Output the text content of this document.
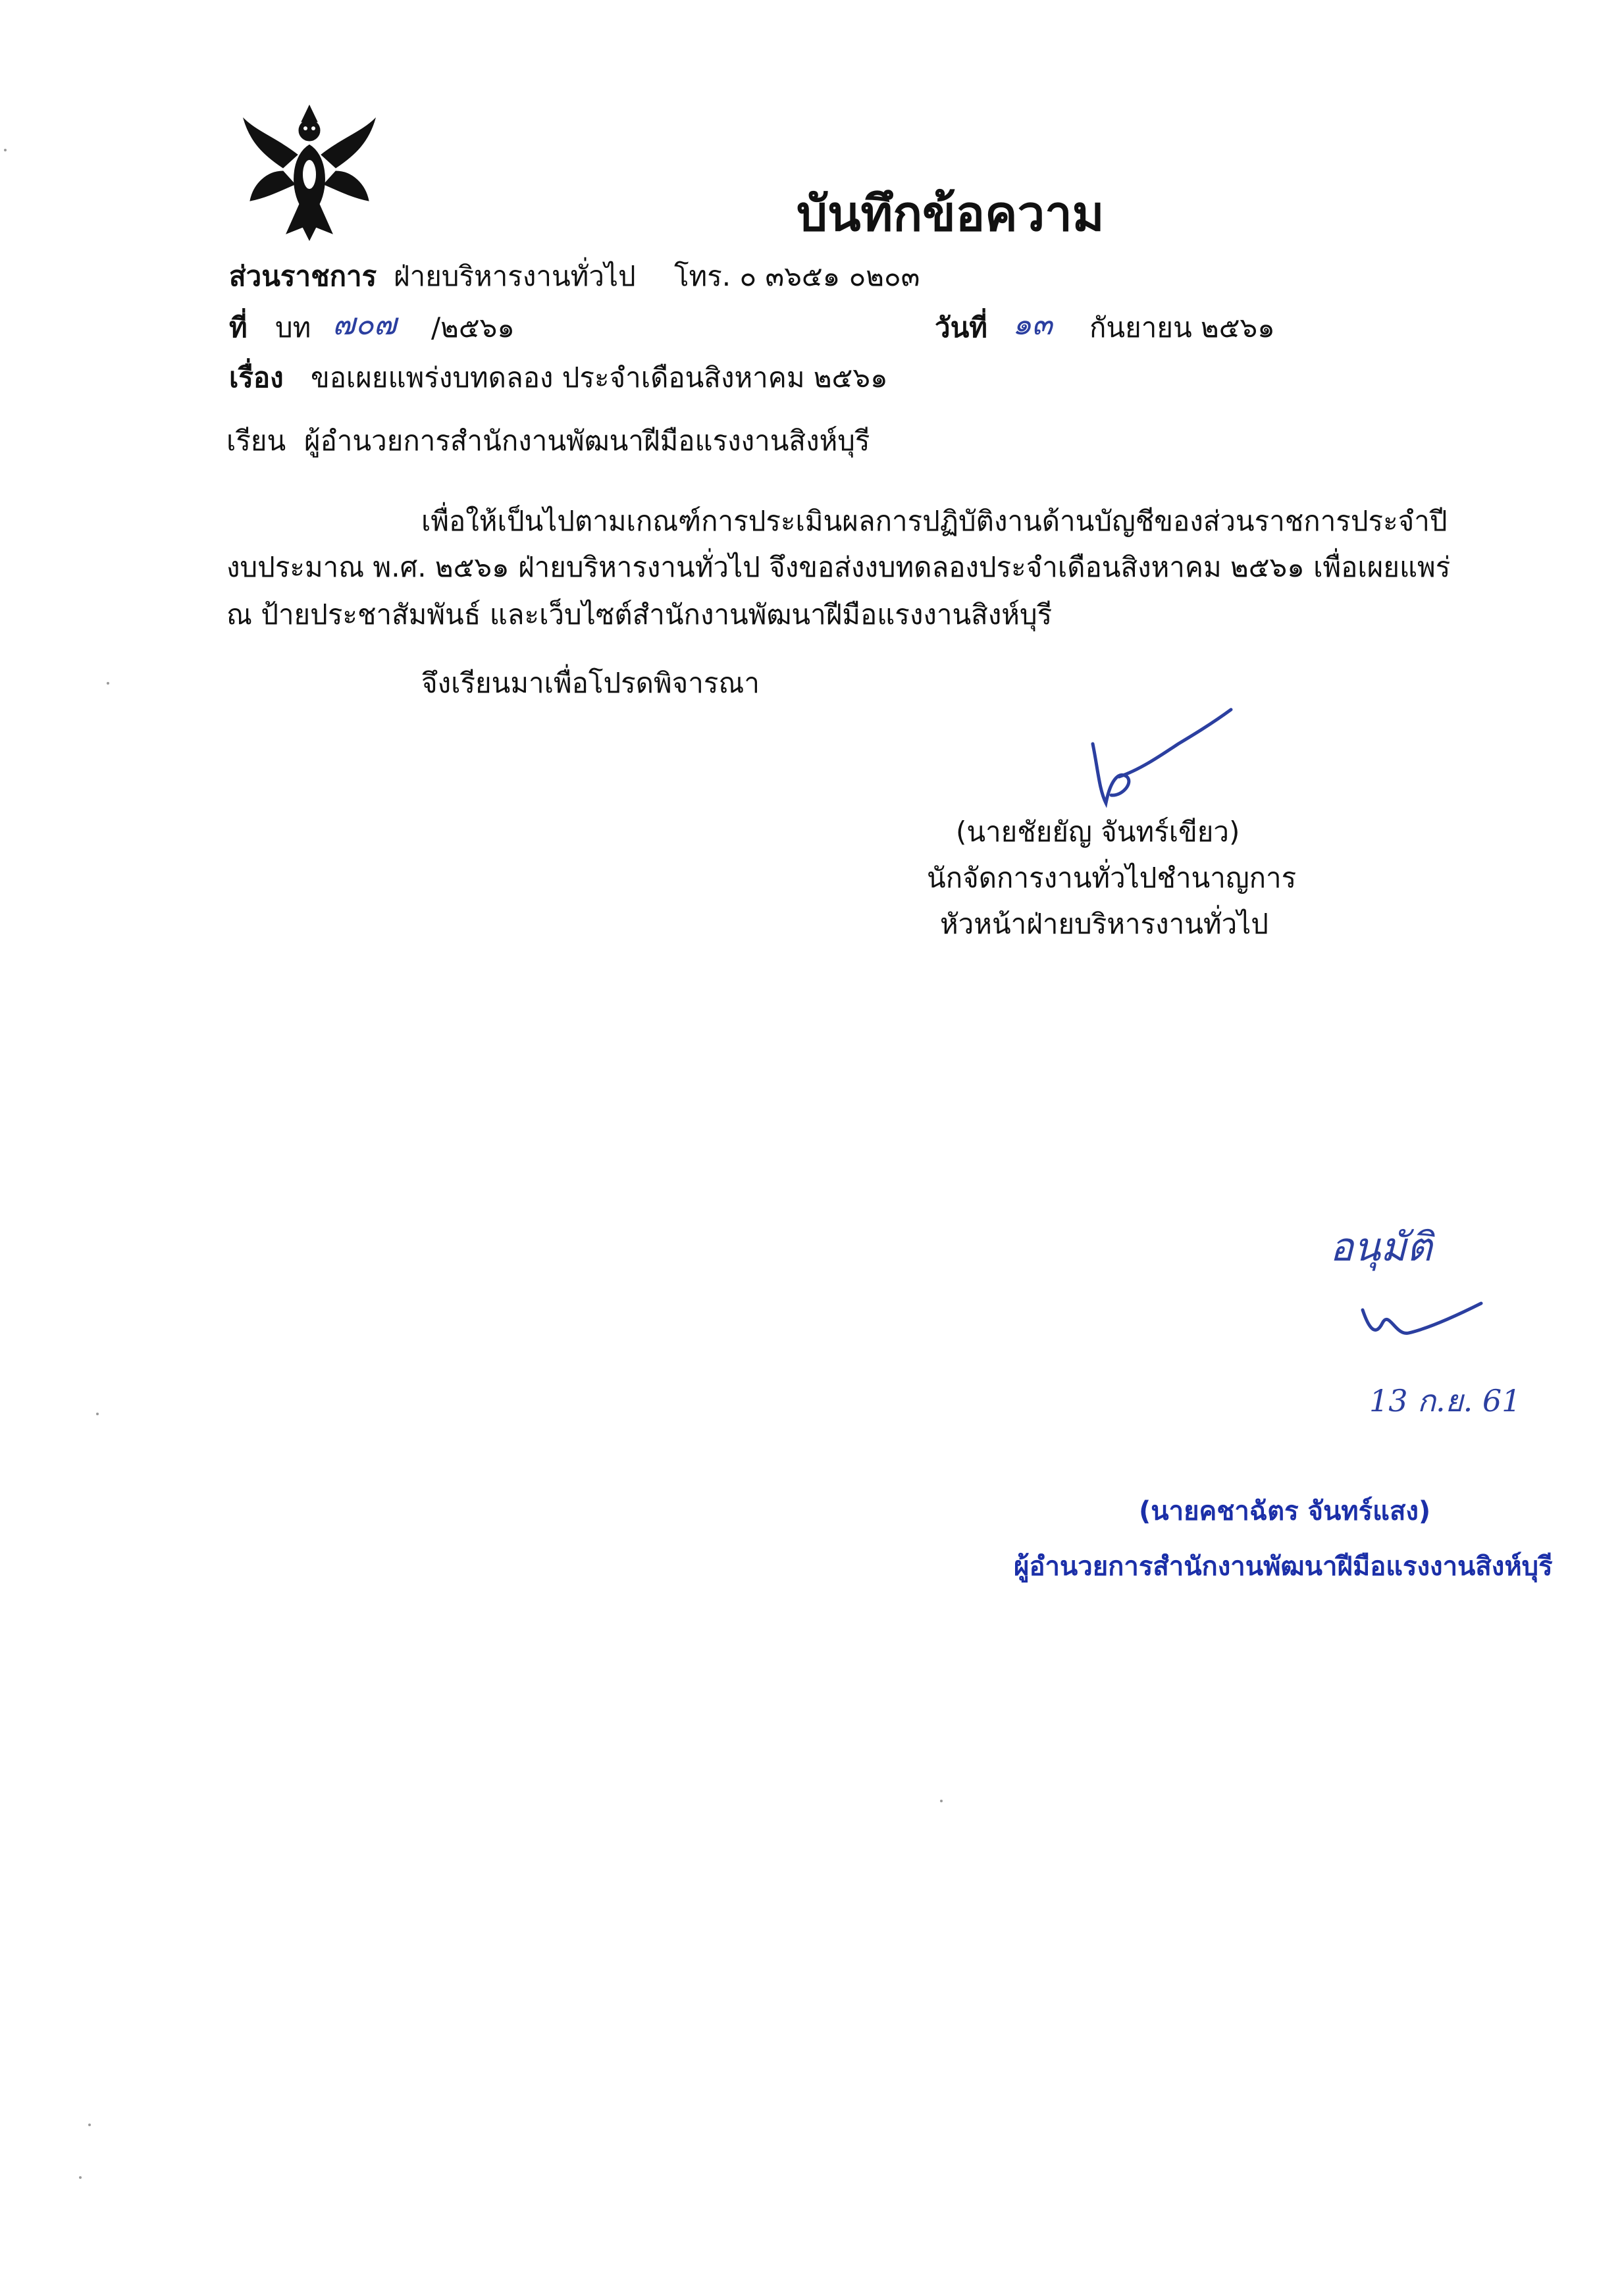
บันทึกข้อความ
ส่วนราชการ ฝ่ายบริหารงานทั่วไป โทร. ๐ ๓๖๕๑ ๐๒๐๓
ที่ บท ๗๐๗ /๒๕๖๑	วันที่ ๑๓ กันยายน ๒๕๖๑
เรื่อง ขอเผยแพร่งบทดลอง ประจำเดือนสิงหาคม ๒๕๖๑
เรียน ผู้อำนวยการสำนักงานพัฒนาฝีมือแรงงานสิงห์บุรี
เพื่อให้เป็นไปตามเกณฑ์การประเมินผลการปฏิบัติงานด้านบัญชีของส่วนราชการประจำปี
งบประมาณ พ.ศ. ๒๕๖๑ ฝ่ายบริหารงานทั่วไป จึงขอส่งงบทดลองประจำเดือนสิงหาคม ๒๕๖๑ เพื่อเผยแพร่
ณ ป้ายประชาสัมพันธ์ และเว็บไซต์สำนักงานพัฒนาฝีมือแรงงานสิงห์บุรี
จึงเรียนมาเพื่อโปรดพิจารณา
(นายชัยยัญ จันทร์เขียว)
นักจัดการงานทั่วไปชำนาญการ
หัวหน้าฝ่ายบริหารงานทั่วไป
อนุมัติ
13 ก.ย. 61
(นายคชาฉัตร จันทร์แสง)
ผู้อำนวยการสำนักงานพัฒนาฝีมือแรงงานสิงห์บุรี
